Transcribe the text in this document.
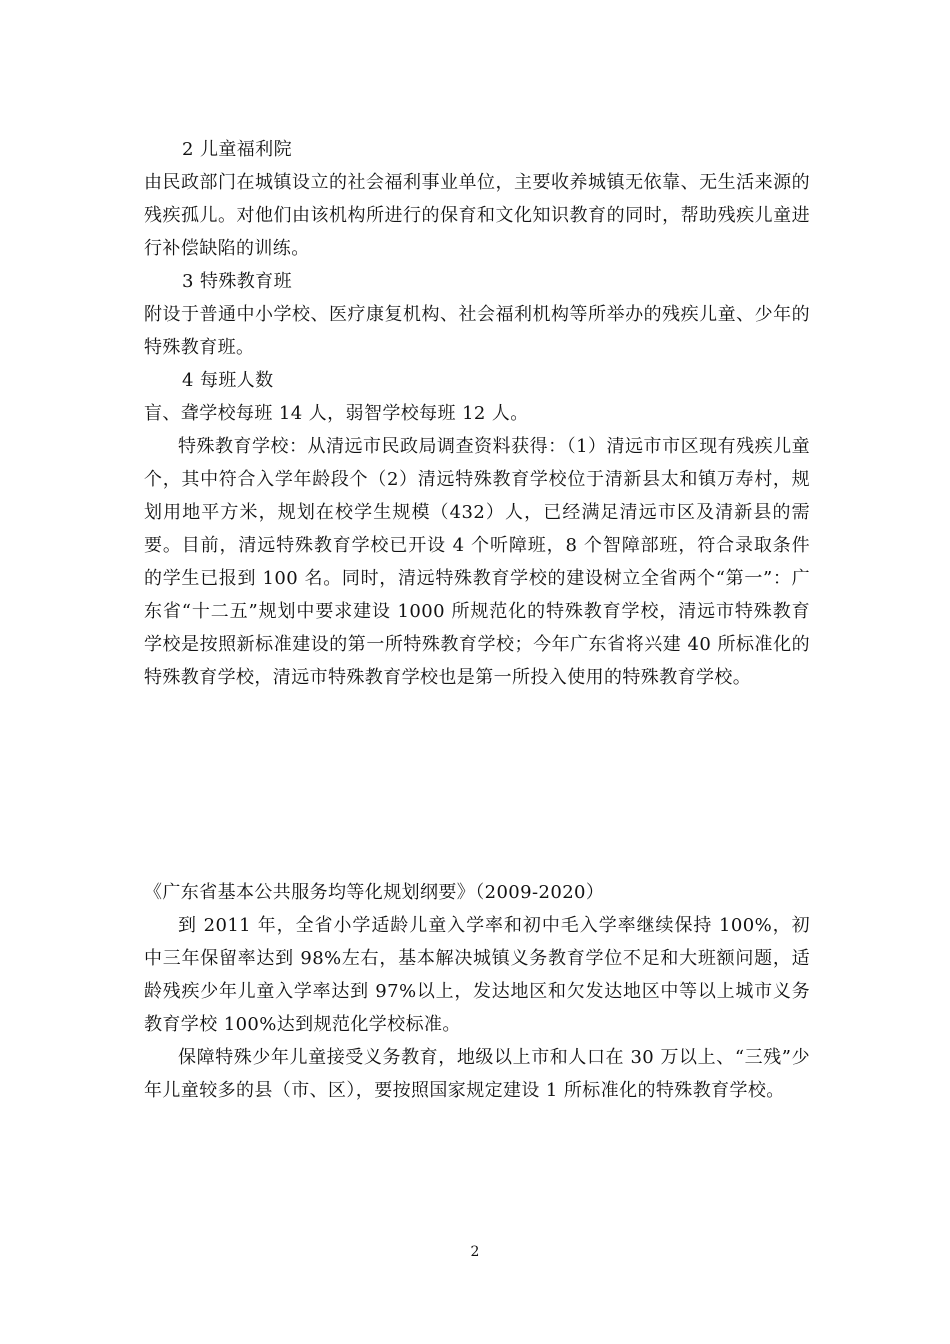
2 儿童福利院

由民政部门在城镇设立的社会福利事业单位，主要收养城镇无依靠、无生活来源的残疾孤儿。对他们由该机构所进行的保育和文化知识教育的同时，帮助残疾儿童进行补偿缺陷的训练。

3 特殊教育班

附设于普通中小学校、医疗康复机构、社会福利机构等所举办的残疾儿童、少年的特殊教育班。

4 每班人数

盲、聋学校每班 14 人，弱智学校每班 12 人。

特殊教育学校：从清远市民政局调查资料获得：（1）清远市市区现有残疾儿童个，其中符合入学年龄段个（2）清远特殊教育学校位于清新县太和镇万寿村，规划用地平方米，规划在校学生规模（432）人，已经满足清远市区及清新县的需要。目前，清远特殊教育学校已开设 4 个听障班，8 个智障部班，符合录取条件的学生已报到 100 名。同时，清远特殊教育学校的建设树立全省两个“第一”：广东省“十二五”规划中要求建设 1000 所规范化的特殊教育学校，清远市特殊教育学校是按照新标准建设的第一所特殊教育学校；今年广东省将兴建 40 所标准化的特殊教育学校，清远市特殊教育学校也是第一所投入使用的特殊教育学校。

《广东省基本公共服务均等化规划纲要》（2009-2020）

到 2011 年，全省小学适龄儿童入学率和初中毛入学率继续保持 100%，初中三年保留率达到 98%左右，基本解决城镇义务教育学位不足和大班额问题，适龄残疾少年儿童入学率达到 97%以上，发达地区和欠发达地区中等以上城市义务教育学校 100%达到规范化学校标准。

保障特殊少年儿童接受义务教育，地级以上市和人口在 30 万以上、“三残”少年儿童较多的县（市、区），要按照国家规定建设 1 所标准化的特殊教育学校。

2
